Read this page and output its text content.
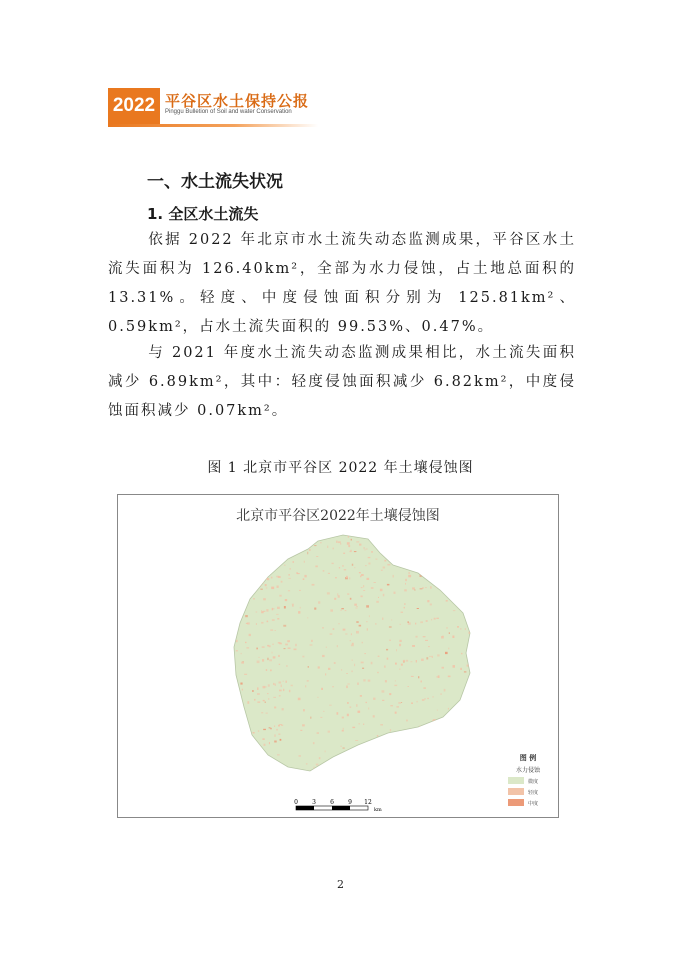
2022 平谷区水土保持公报
Pinggu Bulletion of Soil and water Conservation
一、水土流失状况
1. 全区水土流失

依据 2022 年北京市水土流失动态监测成果，平谷区水土流失面积为 126.40km²，全部为水力侵蚀，占土地总面积的 13.31%。轻度、中度侵蚀面积分别为 125.81km²、0.59km²，占水土流失面积的 99.53%、0.47%。

与 2021 年度水土流失动态监测成果相比，水土流失面积减少 6.89km²，其中：轻度侵蚀面积减少 6.82km²，中度侵蚀面积减少 0.07km²。

图 1 北京市平谷区 2022 年土壤侵蚀图
北京市平谷区2022年土壤侵蚀图
图 例
水力侵蚀
微度
轻度
中度
0 3 6 9 12
km
2
